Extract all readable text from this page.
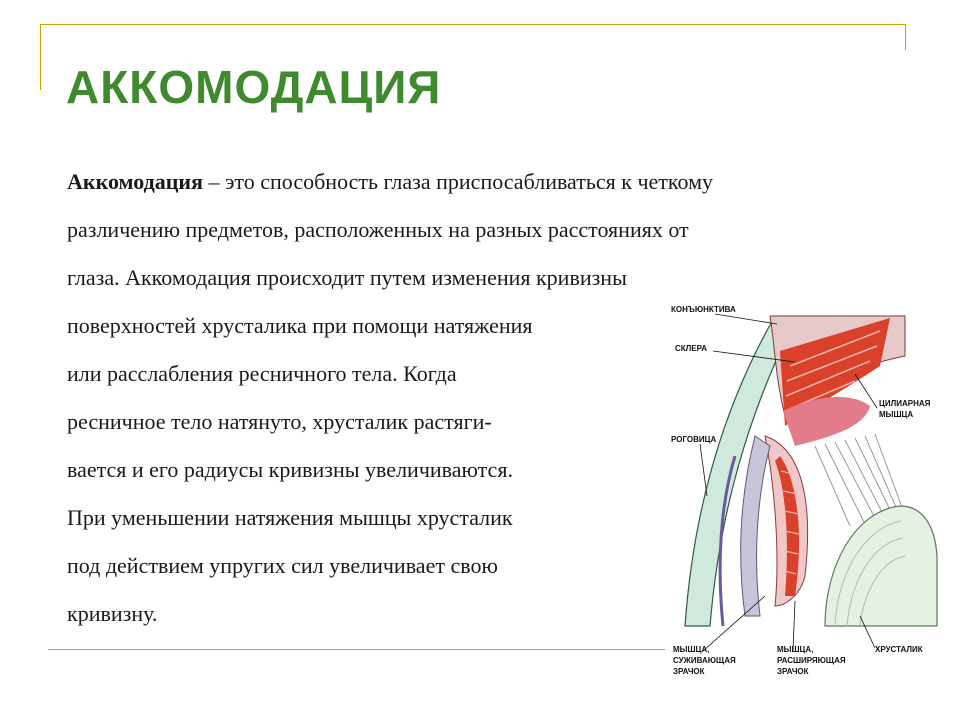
АККОМОДАЦИЯ
Аккомодация – это способность глаза приспосабливаться к четкому
различению предметов, расположенных на разных расстояниях от
глаза. Аккомодация происходит путем изменения кривизны
поверхностей хрусталика при помощи натяжения
или расслабления ресничного тела. Когда
ресничное тело натянуто, хрусталик растяги-
вается и его радиусы кривизны увеличиваются.
При уменьшении натяжения мышцы хрусталик
под действием упругих сил увеличивает свою
кривизну.
КОНЪЮНКТИВА
СКЛЕРА
ЦИЛИАРНАЯ
МЫШЦА
РОГОВИЦА
МЫШЦА,
СУЖИВАЮЩАЯ
ЗРАЧОК
МЫШЦА,
РАСШИРЯЮЩАЯ
ЗРАЧОК
ХРУСТАЛИК
